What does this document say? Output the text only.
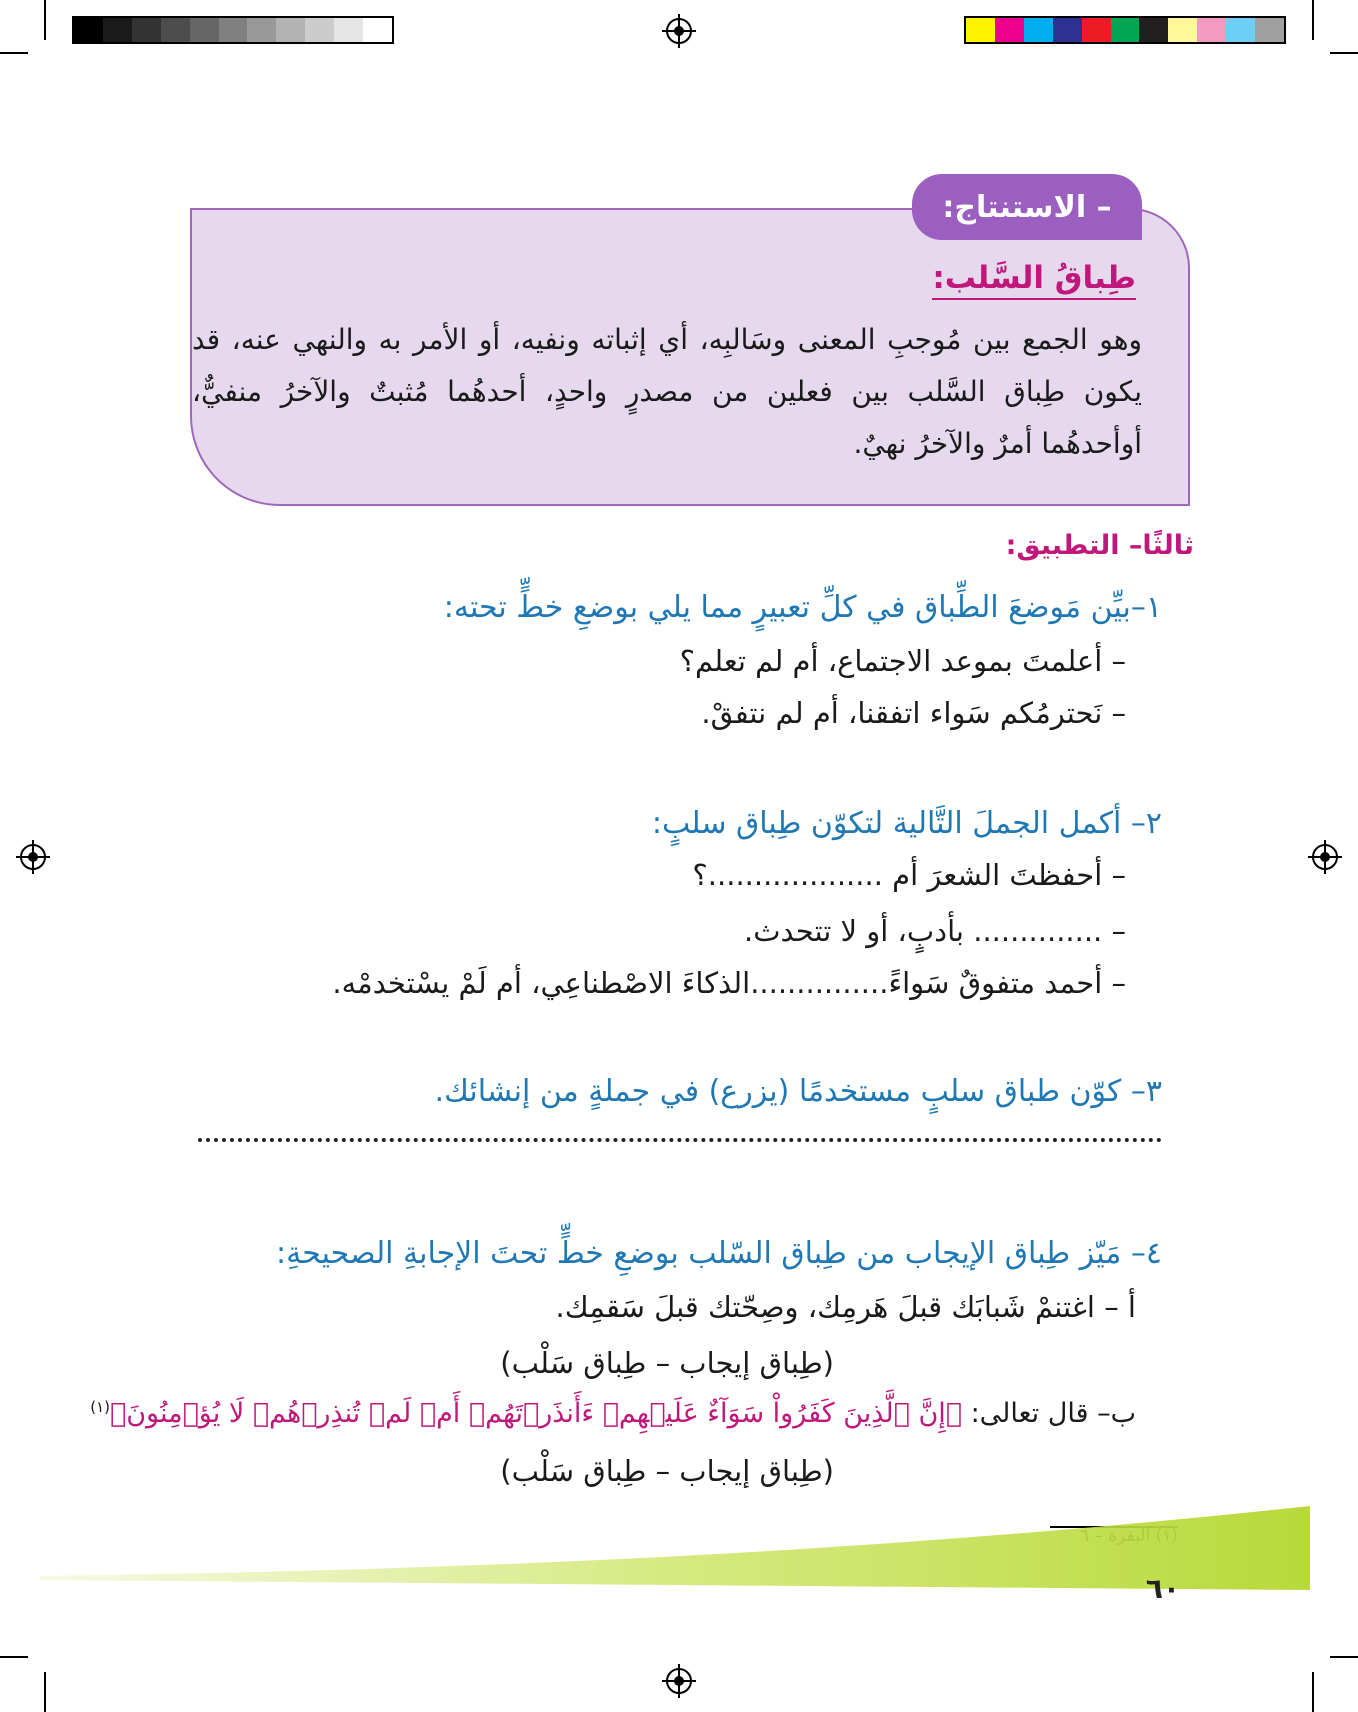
– الاستنتاج:
طِباقُ السَّلب:
وهو الجمع بين مُوجبِ المعنى وسَالبِه، أي إثباته ونفيه، أو الأمر به والنهي عنه، قد يكون طِباق السَّلب بين فعلين من مصدرٍ واحدٍ، أحدهُما مُثبتٌ والآخرُ منفيٌّ، أوأحدهُما أمرٌ والآخرُ نهيٌ.
ثالثًا– التطبيق:
١–بيِّن مَوضعَ الطِّباق في كلِّ تعبيرٍ مما يلي بوضعِ خطٍّ تحته:
– أعلمتَ بموعد الاجتماع، أم لم تعلم؟
– نَحترمُكم سَواء اتفقنا، أم لم نتفقْ.
٢– أكمل الجملَ التَّالية لتكوّن طِباق سلبٍ:
– أحفظتَ الشعرَ أم ...................؟
– .............. بأدبٍ، أو لا تتحدث.
– أحمد متفوقٌ سَواءً...............الذكاءَ الاصْطناعِي، أم لَمْ يسْتخدمْه.
٣– كوّن طباق سلبٍ مستخدمًا (يزرع) في جملةٍ من إنشائك.
٤– مَيّز طِباق الإيجاب من طِباق السّلب بوضعِ خطٍّ تحتَ الإجابةِ الصحيحةِ:
أ – اغتنمْ شَبابَك قبلَ هَرمِك، وصِحّتك قبلَ سَقمِك.
(طِباق إيجاب – طِباق سَلْب)
ب– قال تعالى: ﴿إِنَّ ٱلَّذِينَ كَفَرُواْ سَوَآءٌ عَلَيۡهِمۡ ءَأَنذَرۡتَهُمۡ أَمۡ لَمۡ تُنذِرۡهُمۡ لَا يُؤۡمِنُونَ﴾$^{(١)}$
(طِباق إيجاب – طِباق سَلْب)
٦٠
